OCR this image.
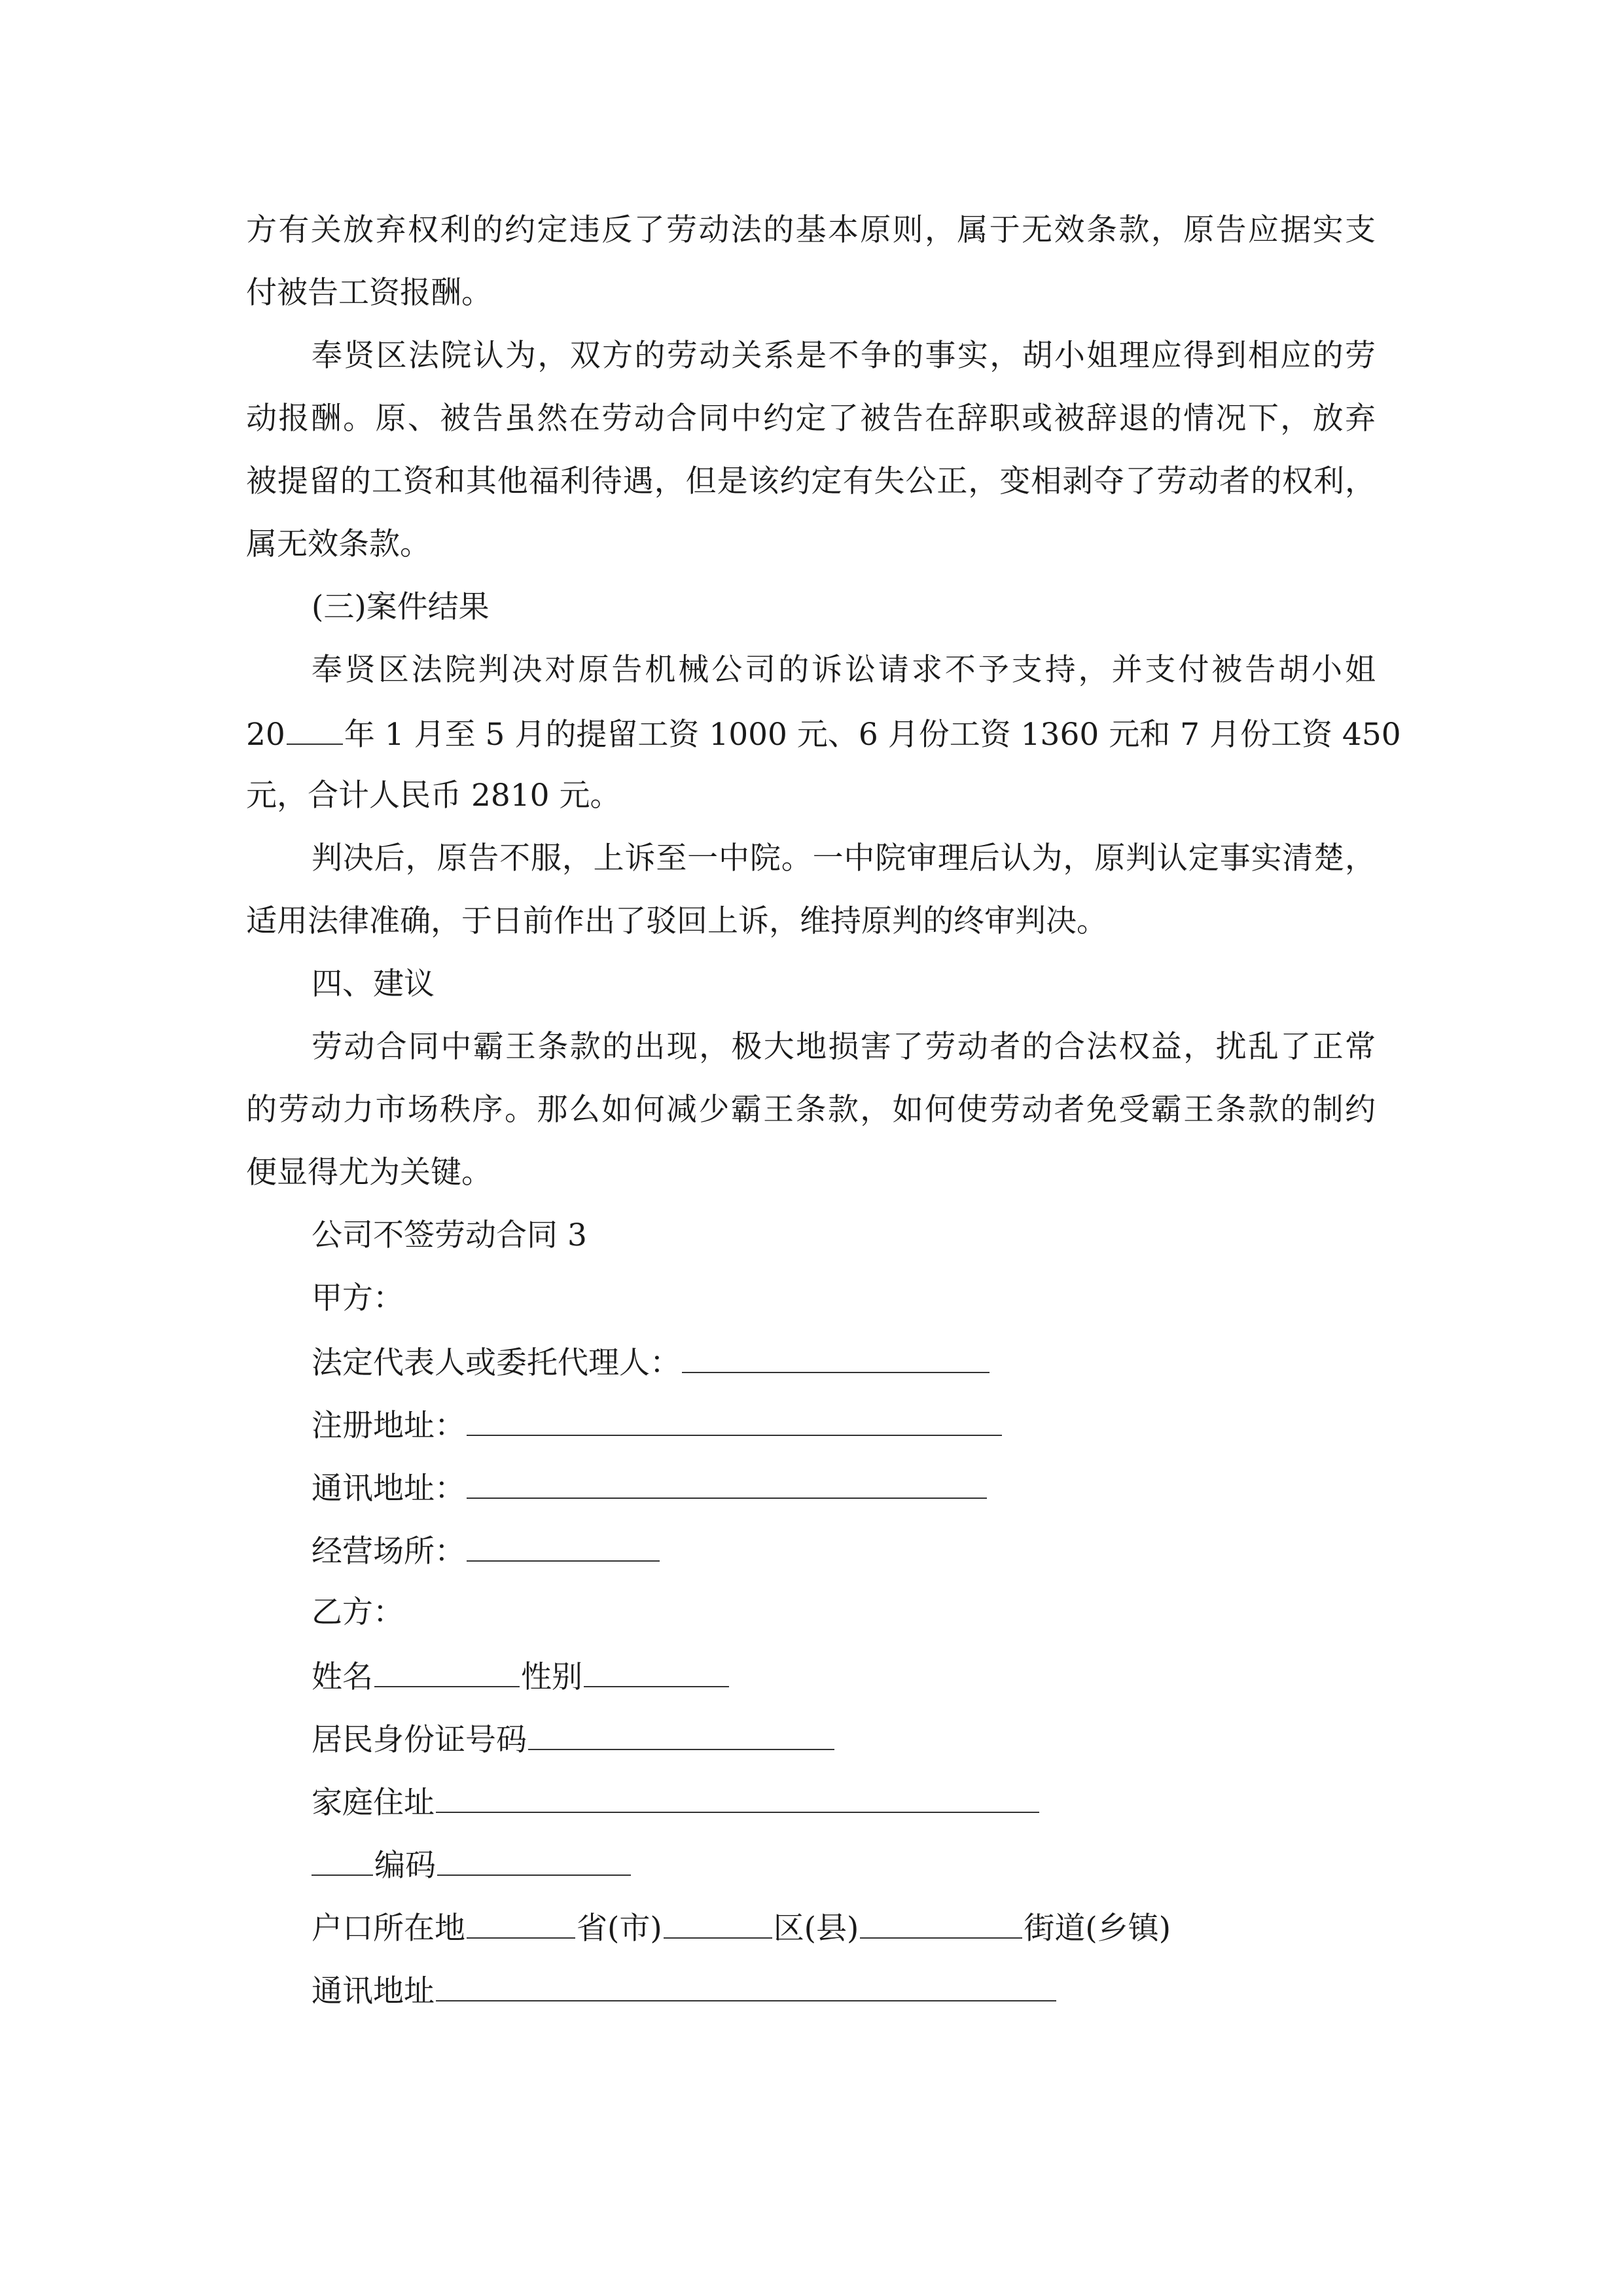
方有关放弃权利的约定违反了劳动法的基本原则，属于无效条款，原告应据实支
付被告工资报酬。
奉贤区法院认为，双方的劳动关系是不争的事实，胡小姐理应得到相应的劳
动报酬。原、被告虽然在劳动合同中约定了被告在辞职或被辞退的情况下，放弃
被提留的工资和其他福利待遇，但是该约定有失公正，变相剥夺了劳动者的权利，
属无效条款。
(三)案件结果
奉贤区法院判决对原告机械公司的诉讼请求不予支持，并支付被告胡小姐
20 年 1 月至 5 月的提留工资 1000 元、6 月份工资 1360 元和 7 月份工资 450
元，合计人民币 2810 元。
判决后，原告不服，上诉至一中院。一中院审理后认为，原判认定事实清楚，
适用法律准确，于日前作出了驳回上诉，维持原判的终审判决。
四、建议
劳动合同中霸王条款的出现，极大地损害了劳动者的合法权益，扰乱了正常
的劳动力市场秩序。那么如何减少霸王条款，如何使劳动者免受霸王条款的制约
便显得尤为关键。
公司不签劳动合同 3
甲方：
法定代表人或委托代理人：
注册地址：
通讯地址：
经营场所：
乙方：
姓名	性别
居民身份证号码
家庭住址
编码
户口所在地	省(市)	区(县)	街道(乡镇)
通讯地址
